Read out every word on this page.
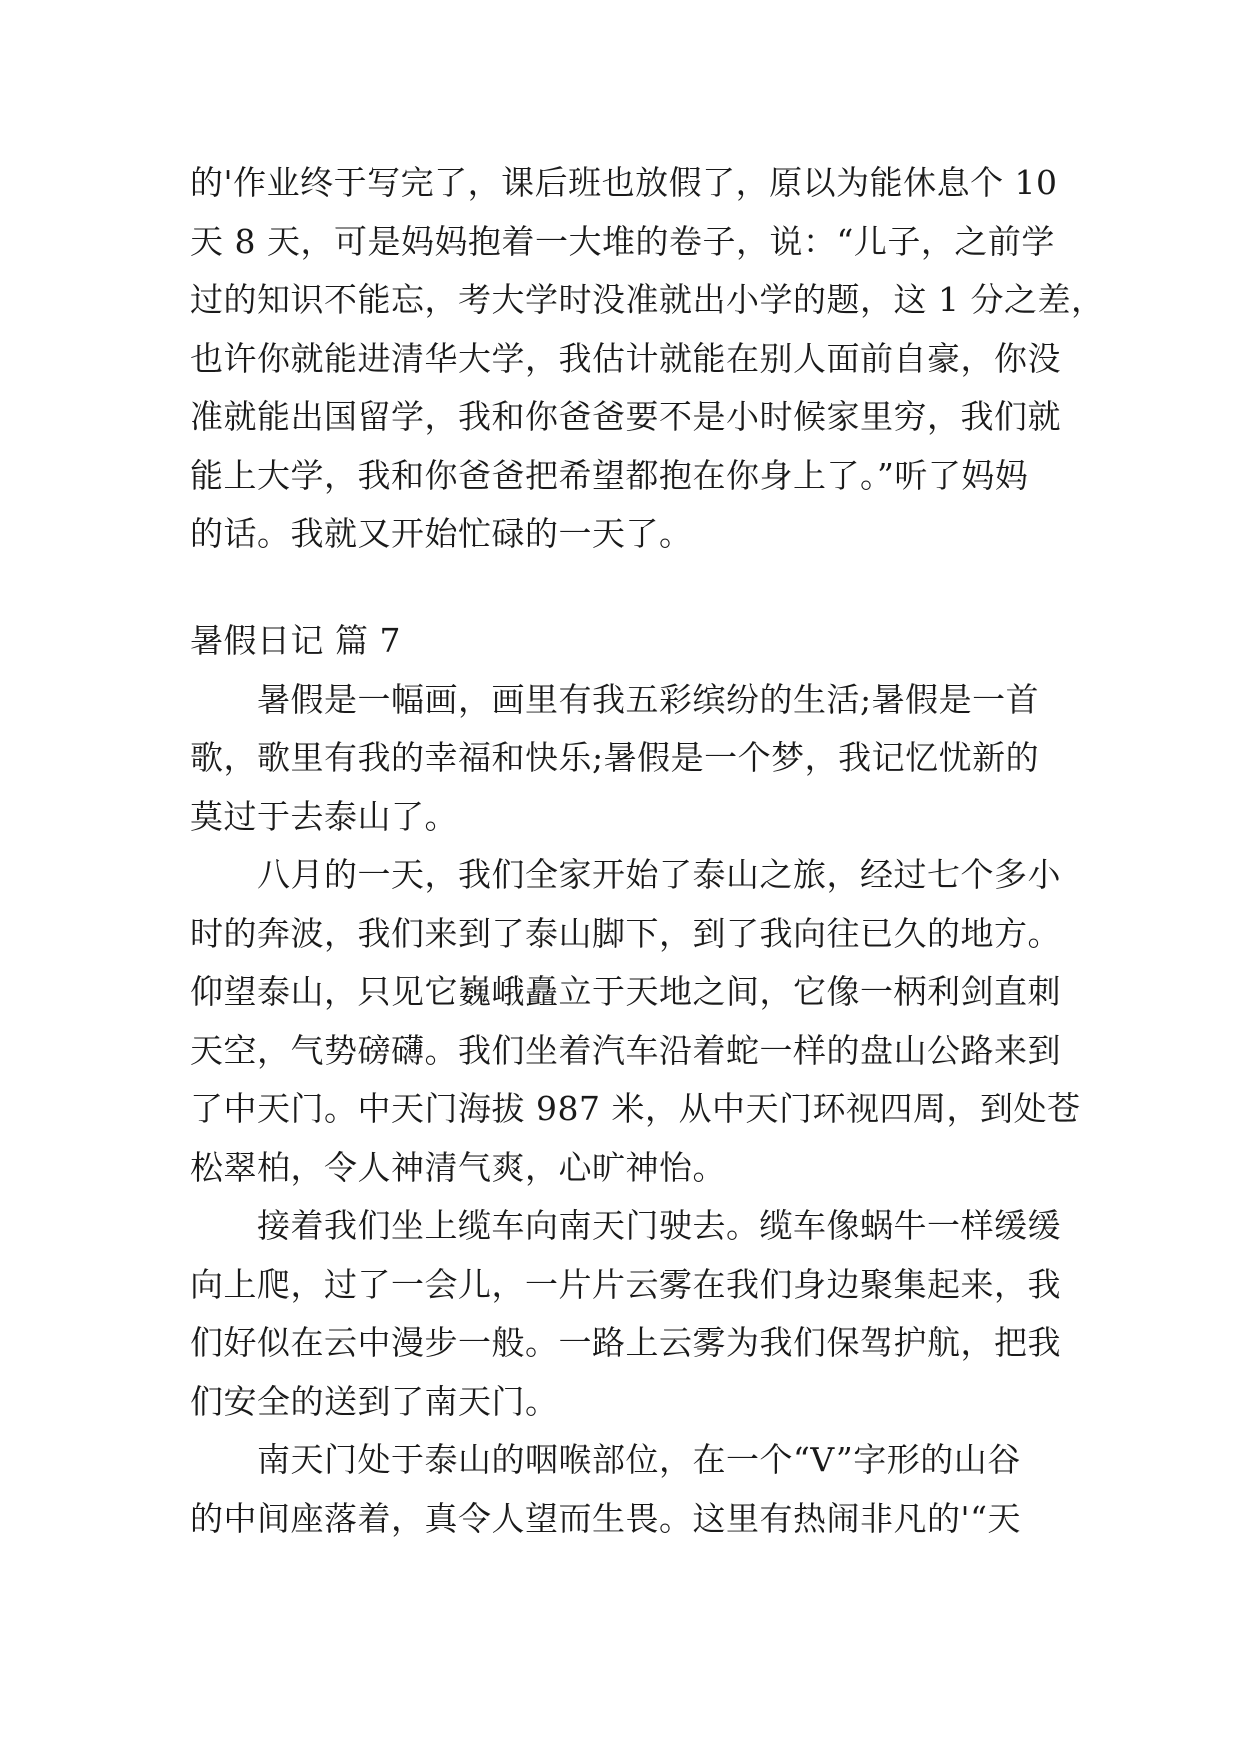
的'作业终于写完了，课后班也放假了，原以为能休息个 10
天 8 天，可是妈妈抱着一大堆的卷子，说：“儿子，之前学
过的知识不能忘，考大学时没准就出小学的题，这 1 分之差，
也许你就能进清华大学，我估计就能在别人面前自豪，你没
准就能出国留学，我和你爸爸要不是小时候家里穷，我们就
能上大学，我和你爸爸把希望都抱在你身上了。”听了妈妈
的话。我就又开始忙碌的一天了。
暑假日记 篇 7
　　暑假是一幅画，画里有我五彩缤纷的生活;暑假是一首
歌，歌里有我的幸福和快乐;暑假是一个梦，我记忆忧新的
莫过于去泰山了。
　　八月的一天，我们全家开始了泰山之旅，经过七个多小
时的奔波，我们来到了泰山脚下，到了我向往已久的地方。
仰望泰山，只见它巍峨矗立于天地之间，它像一柄利剑直刺
天空，气势磅礴。我们坐着汽车沿着蛇一样的盘山公路来到
了中天门。中天门海拔 987 米，从中天门环视四周，到处苍
松翠柏，令人神清气爽，心旷神怡。
　　接着我们坐上缆车向南天门驶去。缆车像蜗牛一样缓缓
向上爬，过了一会儿，一片片云雾在我们身边聚集起来，我
们好似在云中漫步一般。一路上云雾为我们保驾护航，把我
们安全的送到了南天门。
　　南天门处于泰山的咽喉部位，在一个“V”字形的山谷
的中间座落着，真令人望而生畏。这里有热闹非凡的'“天
